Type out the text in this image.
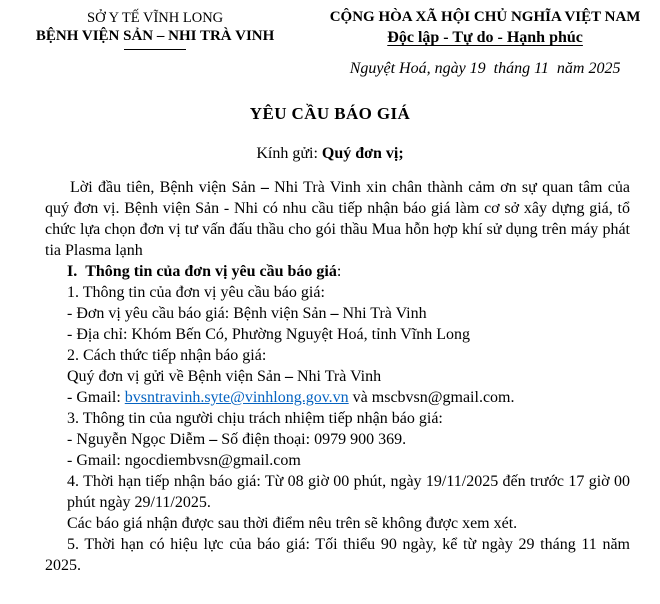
SỞ Y TẾ VĨNH LONG
BỆNH VIỆN SẢN – NHI TRÀ VINH
CỘNG HÒA XÃ HỘI CHỦ NGHĨA VIỆT NAM
Độc lập - Tự do - Hạnh phúc
Nguyệt Hoá, ngày 19  tháng 11  năm 2025
YÊU CẦU BÁO GIÁ
Kính gửi: Quý đơn vị;

Lời đầu tiên, Bệnh viện Sản – Nhi Trà Vinh xin chân thành cảm ơn sự quan tâm của quý đơn vị. Bệnh viện Sản - Nhi có nhu cầu tiếp nhận báo giá làm cơ sở xây dựng giá, tổ chức lựa chọn đơn vị tư vấn đấu thầu cho gói thầu Mua hỗn hợp khí sử dụng trên máy phát tia Plasma lạnh

I. Thông tin của đơn vị yêu cầu báo giá:

1. Thông tin của đơn vị yêu cầu báo giá:

- Đơn vị yêu cầu báo giá: Bệnh viện Sản – Nhi Trà Vinh

- Địa chỉ: Khóm Bến Có, Phường Nguyệt Hoá, tỉnh Vĩnh Long

2. Cách thức tiếp nhận báo giá:

Quý đơn vị gửi về Bệnh viện Sản – Nhi Trà Vinh

- Gmail: bvsntravinh.syte@vinhlong.gov.vn và mscbvsn@gmail.com.

3. Thông tin của người chịu trách nhiệm tiếp nhận báo giá:

- Nguyễn Ngọc Diễm – Số điện thoại: 0979 900 369.

- Gmail: ngocdiembvsn@gmail.com

4. Thời hạn tiếp nhận báo giá: Từ 08 giờ 00 phút, ngày 19/11/2025 đến trước 17 giờ 00 phút ngày 29/11/2025.

Các báo giá nhận được sau thời điểm nêu trên sẽ không được xem xét.

5. Thời hạn có hiệu lực của báo giá: Tối thiểu 90 ngày, kể từ ngày 29 tháng 11 năm 2025.
